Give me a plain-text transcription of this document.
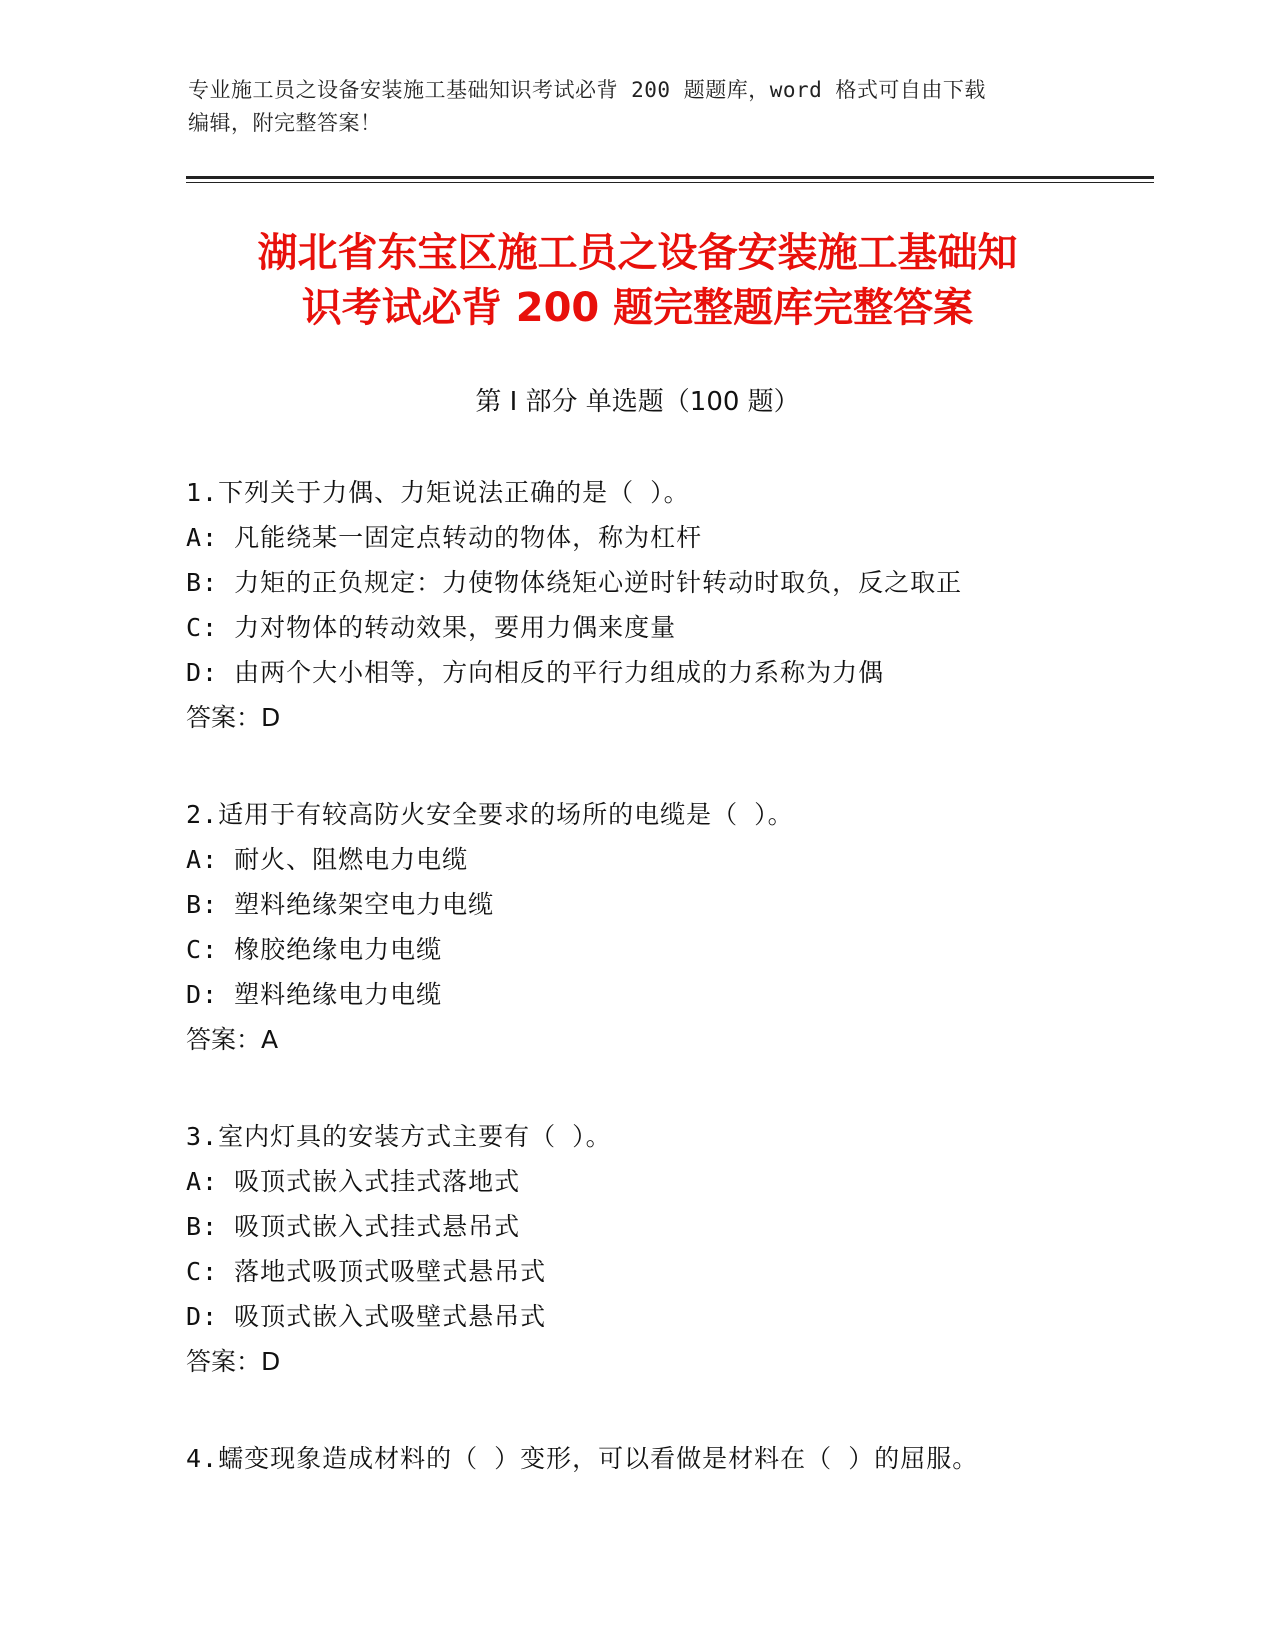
专业施工员之设备安装施工基础知识考试必背 200 题题库，word 格式可自由下载
编辑，附完整答案！
湖北省东宝区施工员之设备安装施工基础知
识考试必背 200 题完整题库完整答案
第 I 部分 单选题（100 题）
1.下列关于力偶、力矩说法正确的是（ ）。
A: 凡能绕某一固定点转动的物体，称为杠杆
B: 力矩的正负规定：力使物体绕矩心逆时针转动时取负，反之取正
C: 力对物体的转动效果，要用力偶来度量
D: 由两个大小相等，方向相反的平行力组成的力系称为力偶
答案：D
2.适用于有较高防火安全要求的场所的电缆是（ ）。
A: 耐火、阻燃电力电缆
B: 塑料绝缘架空电力电缆
C: 橡胶绝缘电力电缆
D: 塑料绝缘电力电缆
答案：A
3.室内灯具的安装方式主要有（ ）。
A: 吸顶式嵌入式挂式落地式
B: 吸顶式嵌入式挂式悬吊式
C: 落地式吸顶式吸壁式悬吊式
D: 吸顶式嵌入式吸壁式悬吊式
答案：D
4.蠕变现象造成材料的（ ）变形，可以看做是材料在（ ）的屈服。
